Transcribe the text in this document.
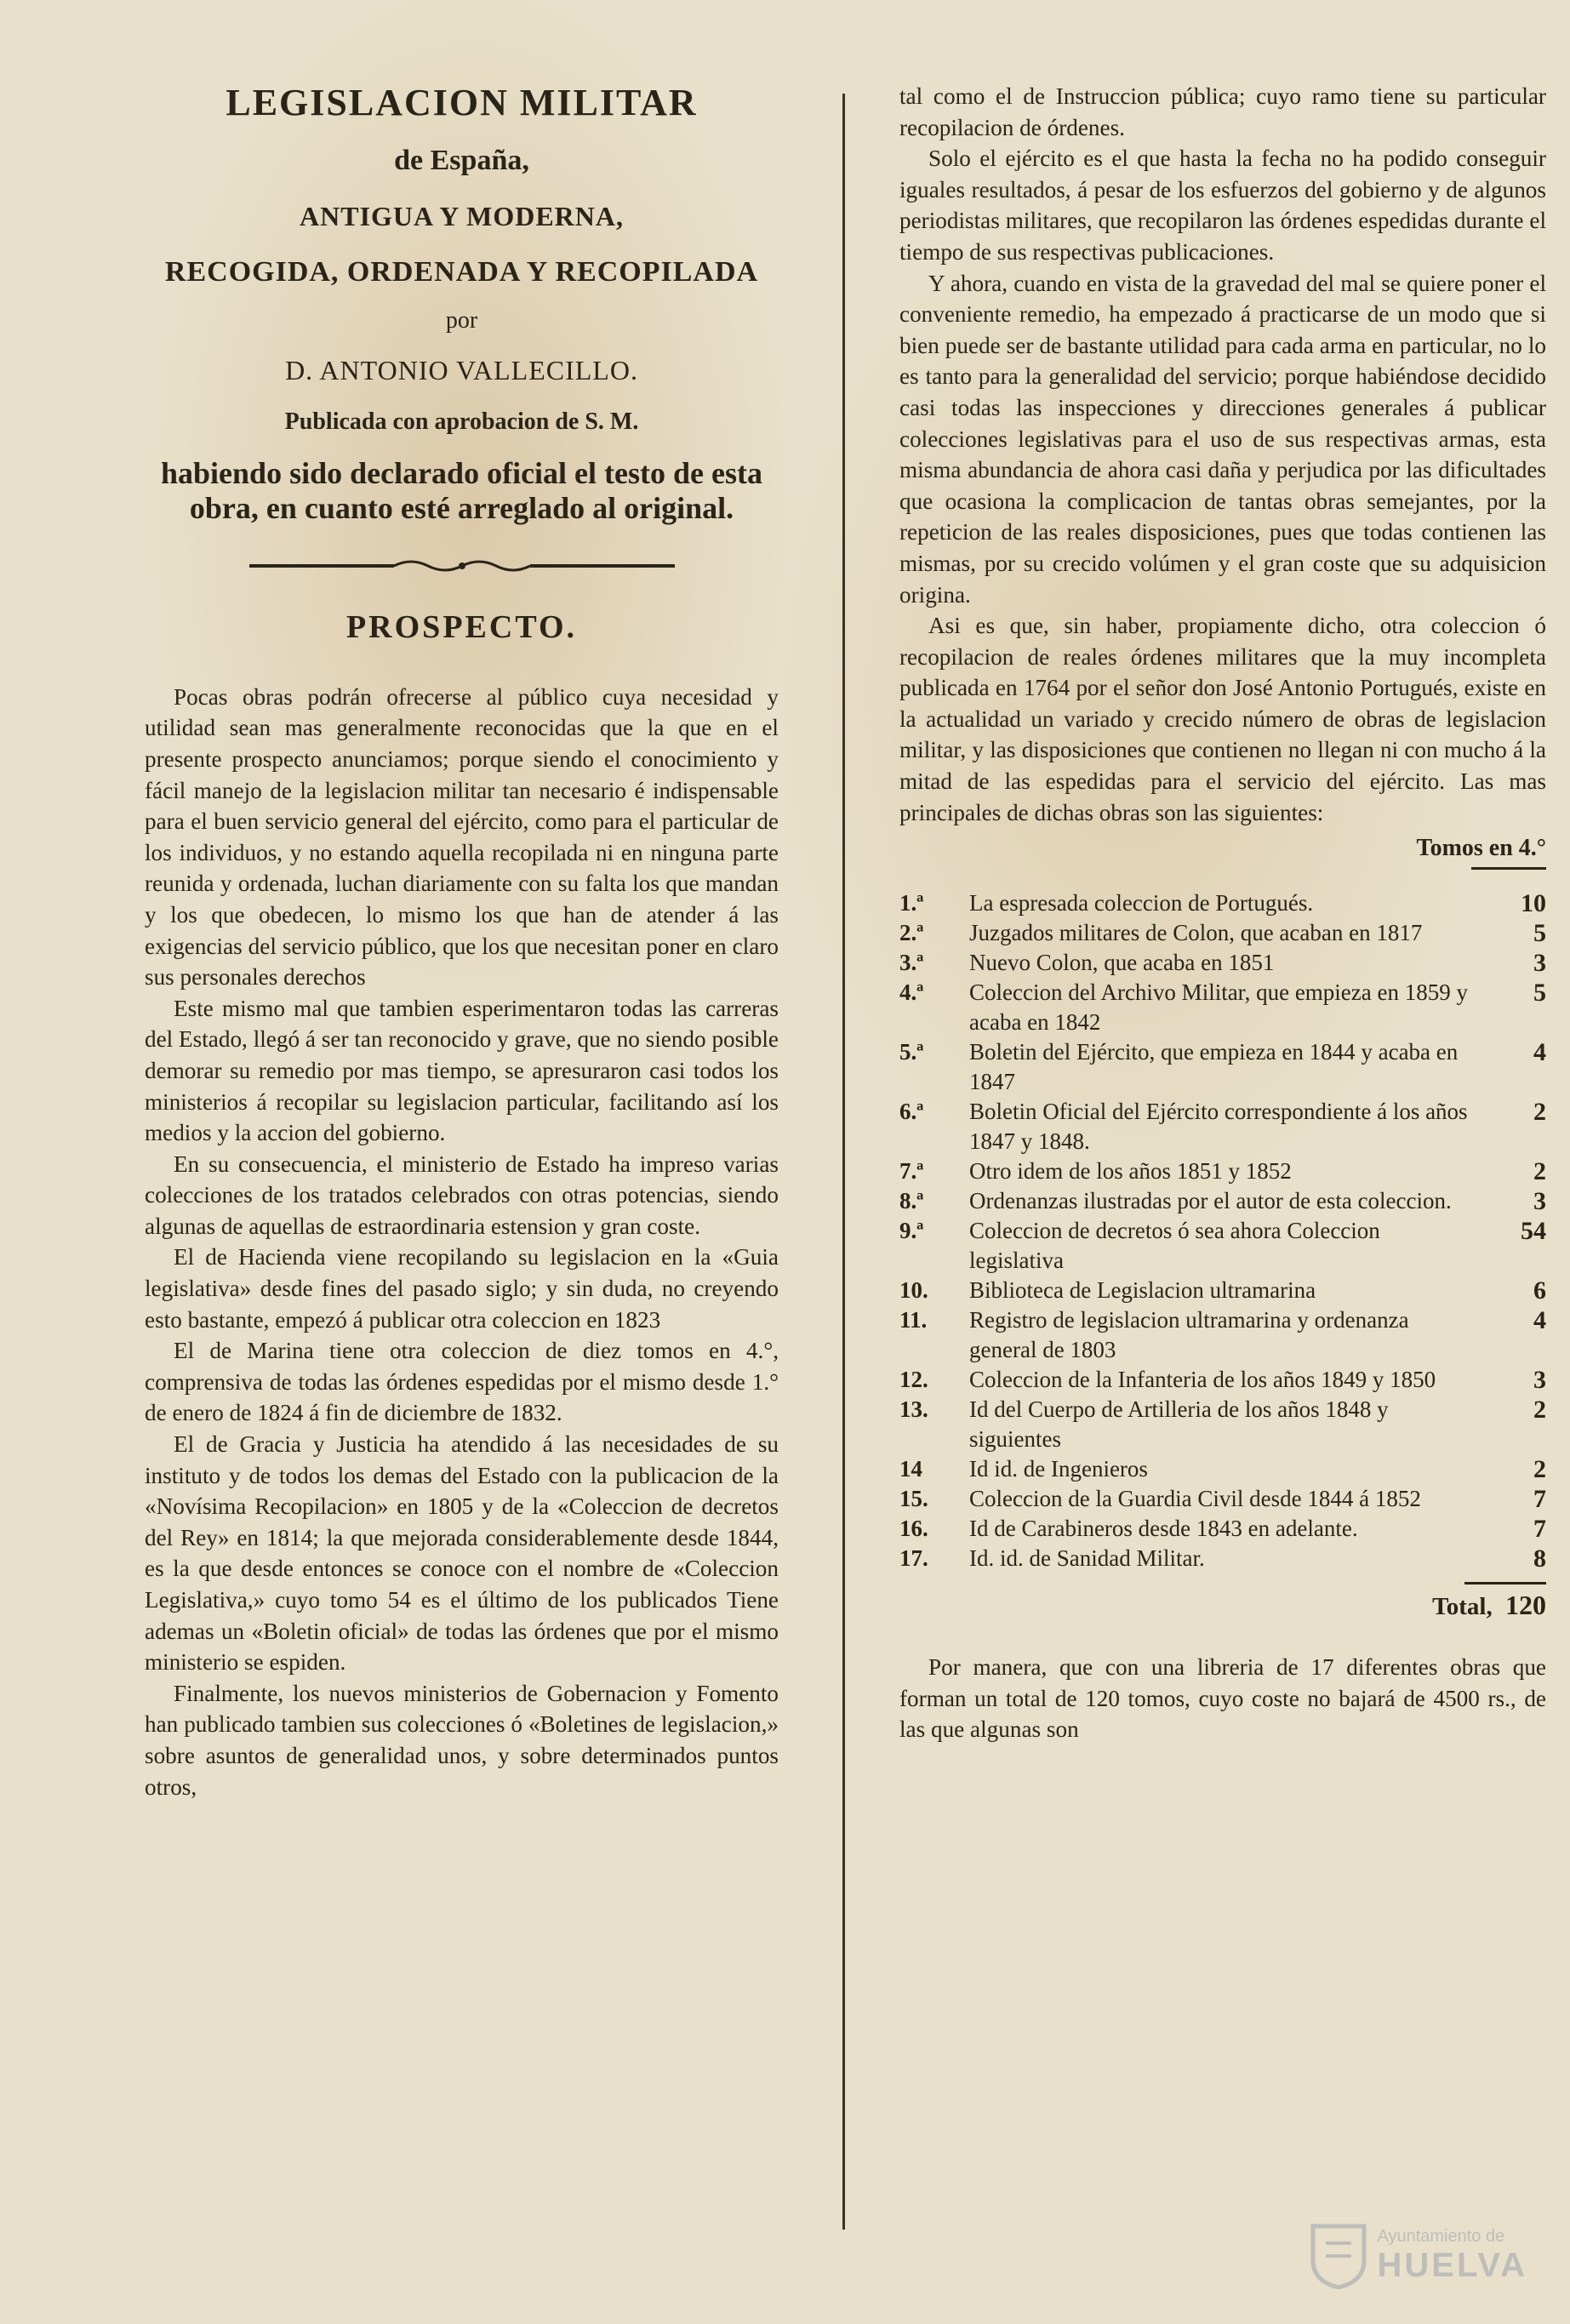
LEGISLACION MILITAR
de España,
ANTIGUA Y MODERNA,
RECOGIDA, ORDENADA Y RECOPILADA
por
D. ANTONIO VALLECILLO.
Publicada con aprobacion de S. M.
habiendo sido declarado oficial el testo de esta obra, en cuanto esté arreglado al original.
PROSPECTO.

Pocas obras podrán ofrecerse al público cuya necesidad y utilidad sean mas generalmente reconocidas que la que en el presente prospecto anunciamos; porque siendo el conocimiento y fácil manejo de la legislacion militar tan necesario é indispensable para el buen servicio general del ejército, como para el particular de los individuos, y no estando aquella recopilada ni en ninguna parte reunida y ordenada, luchan diariamente con su falta los que mandan y los que obedecen, lo mismo los que han de atender á las exigencias del servicio público, que los que necesitan poner en claro sus personales derechos

Este mismo mal que tambien esperimentaron todas las carreras del Estado, llegó á ser tan reconocido y grave, que no siendo posible demorar su remedio por mas tiempo, se apresuraron casi todos los ministerios á recopilar su legislacion particular, facilitando así los medios y la accion del gobierno.

En su consecuencia, el ministerio de Estado ha impreso varias colecciones de los tratados celebrados con otras potencias, siendo algunas de aquellas de estraordinaria estension y gran coste.

El de Hacienda viene recopilando su legislacion en la «Guia legislativa» desde fines del pasado siglo; y sin duda, no creyendo esto bastante, empezó á publicar otra coleccion en 1823

El de Marina tiene otra coleccion de diez tomos en 4.°, comprensiva de todas las órdenes espedidas por el mismo desde 1.° de enero de 1824 á fin de diciembre de 1832.

El de Gracia y Justicia ha atendido á las necesidades de su instituto y de todos los demas del Estado con la publicacion de la «Novísima Recopilacion» en 1805 y de la «Coleccion de decretos del Rey» en 1814; la que mejorada considerablemente desde 1844, es la que desde entonces se conoce con el nombre de «Coleccion Legislativa,» cuyo tomo 54 es el último de los publicados Tiene ademas un «Boletin oficial» de todas las órdenes que por el mismo ministerio se espiden.

Finalmente, los nuevos ministerios de Gobernacion y Fomento han publicado tambien sus colecciones ó «Boletines de legislacion,» sobre asuntos de generalidad unos, y sobre determinados puntos otros,

tal como el de Instruccion pública; cuyo ramo tiene su particular recopilacion de órdenes.

Solo el ejército es el que hasta la fecha no ha podido conseguir iguales resultados, á pesar de los esfuerzos del gobierno y de algunos periodistas militares, que recopilaron las órdenes espedidas durante el tiempo de sus respectivas publicaciones.

Y ahora, cuando en vista de la gravedad del mal se quiere poner el conveniente remedio, ha empezado á practicarse de un modo que si bien puede ser de bastante utilidad para cada arma en particular, no lo es tanto para la generalidad del servicio; porque habiéndose decidido casi todas las inspecciones y direcciones generales á publicar colecciones legislativas para el uso de sus respectivas armas, esta misma abundancia de ahora casi daña y perjudica por las dificultades que ocasiona la complicacion de tantas obras semejantes, por la repeticion de las reales disposiciones, pues que todas contienen las mismas, por su crecido volúmen y el gran coste que su adquisicion origina.

Asi es que, sin haber, propiamente dicho, otra coleccion ó recopilacion de reales órdenes militares que la muy incompleta publicada en 1764 por el señor don José Antonio Portugués, existe en la actualidad un variado y crecido número de obras de legislacion militar, y las disposiciones que contienen no llegan ni con mucho á la mitad de las espedidas para el servicio del ejército. Las mas principales de dichas obras son las siguientes:

Tomos en 4.°
1.ª	La espresada coleccion de Portugués.	10
2.ª	Juzgados militares de Colon, que acaban en 1817	5
3.ª	Nuevo Colon, que acaba en 1851	3
4.ª	Coleccion del Archivo Militar, que empieza en 1859 y acaba en 1842	5
5.ª	Boletin del Ejército, que empieza en 1844 y acaba en 1847	4
6.ª	Boletin Oficial del Ejército correspondiente á los años 1847 y 1848.	2
7.ª	Otro idem de los años 1851 y 1852	2
8.ª	Ordenanzas ilustradas por el autor de esta coleccion.	3
9.ª	Coleccion de decretos ó sea ahora Coleccion legislativa	54
10.	Biblioteca de Legislacion ultramarina	6
11.	Registro de legislacion ultramarina y ordenanza general de 1803	4
12.	Coleccion de la Infanteria de los años 1849 y 1850	3
13.	Id del Cuerpo de Artilleria de los años 1848 y siguientes	2
14	Id id. de Ingenieros	2
15.	Coleccion de la Guardia Civil desde 1844 á 1852	7
16.	Id de Carabineros desde 1843 en adelante.	7
17.	Id. id. de Sanidad Militar.	8
Total, 120

Por manera, que con una libreria de 17 diferentes obras que forman un total de 120 tomos, cuyo coste no bajará de 4500 rs., de las que algunas son

Ayuntamiento de
HUELVA
